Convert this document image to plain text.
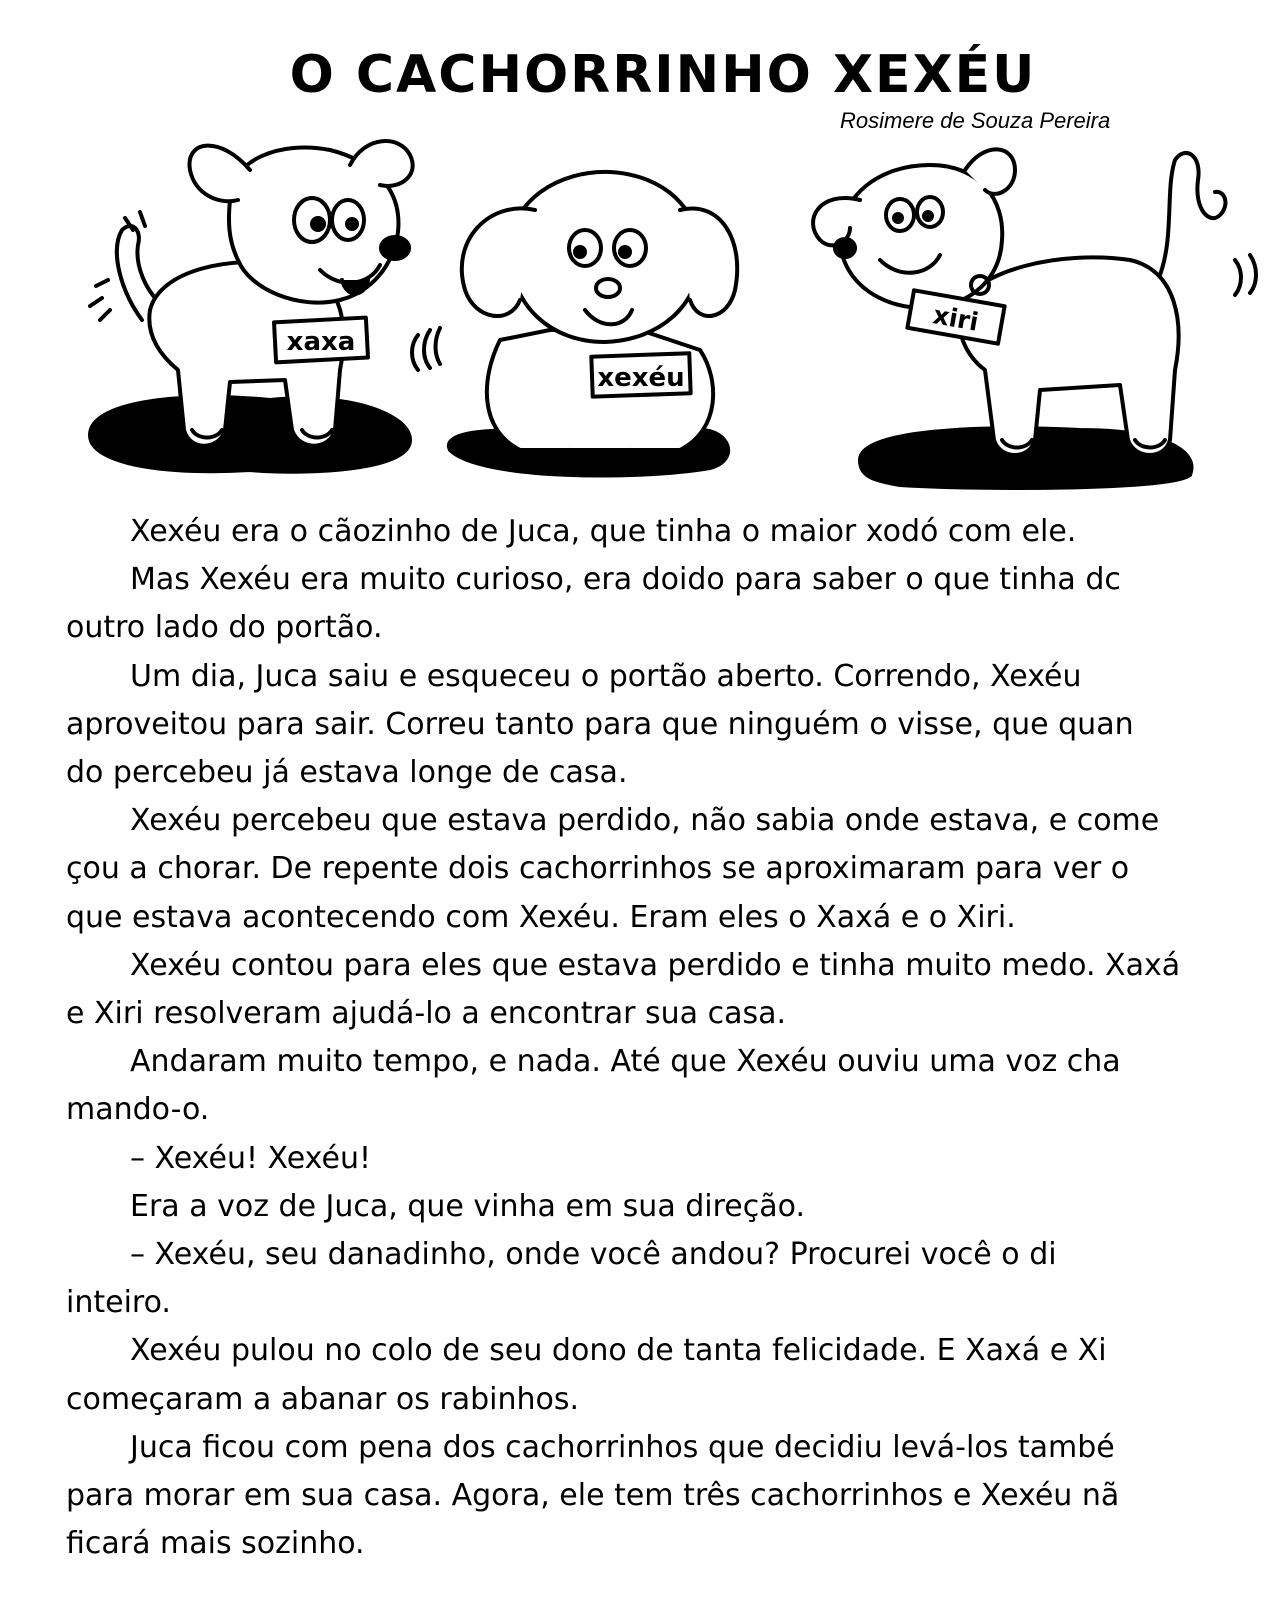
O CACHORRINHO XEXÉU
Rosimere de Souza Pereira
xaxa
xexéu
xiri

Xexéu era o cãozinho de Juca, que tinha o maior xodó com ele.

Mas Xexéu era muito curioso, era doido para saber o que tinha dc

outro lado do portão.

Um dia, Juca saiu e esqueceu o portão aberto. Correndo, Xexéu

aproveitou para sair. Correu tanto para que ninguém o visse, que quan

do percebeu já estava longe de casa.

Xexéu percebeu que estava perdido, não sabia onde estava, e come

çou a chorar. De repente dois cachorrinhos se aproximaram para ver o

que estava acontecendo com Xexéu. Eram eles o Xaxá e o Xiri.

Xexéu contou para eles que estava perdido e tinha muito medo. Xaxá

e Xiri resolveram ajudá-lo a encontrar sua casa.

Andaram muito tempo, e nada. Até que Xexéu ouviu uma voz cha

mando-o.

– Xexéu! Xexéu!

Era a voz de Juca, que vinha em sua direção.

– Xexéu, seu danadinho, onde você andou? Procurei você o di

inteiro.

Xexéu pulou no colo de seu dono de tanta felicidade. E Xaxá e Xi

começaram a abanar os rabinhos.

Juca ficou com pena dos cachorrinhos que decidiu levá-los també

para morar em sua casa. Agora, ele tem três cachorrinhos e Xexéu nã

ficará mais sozinho.
